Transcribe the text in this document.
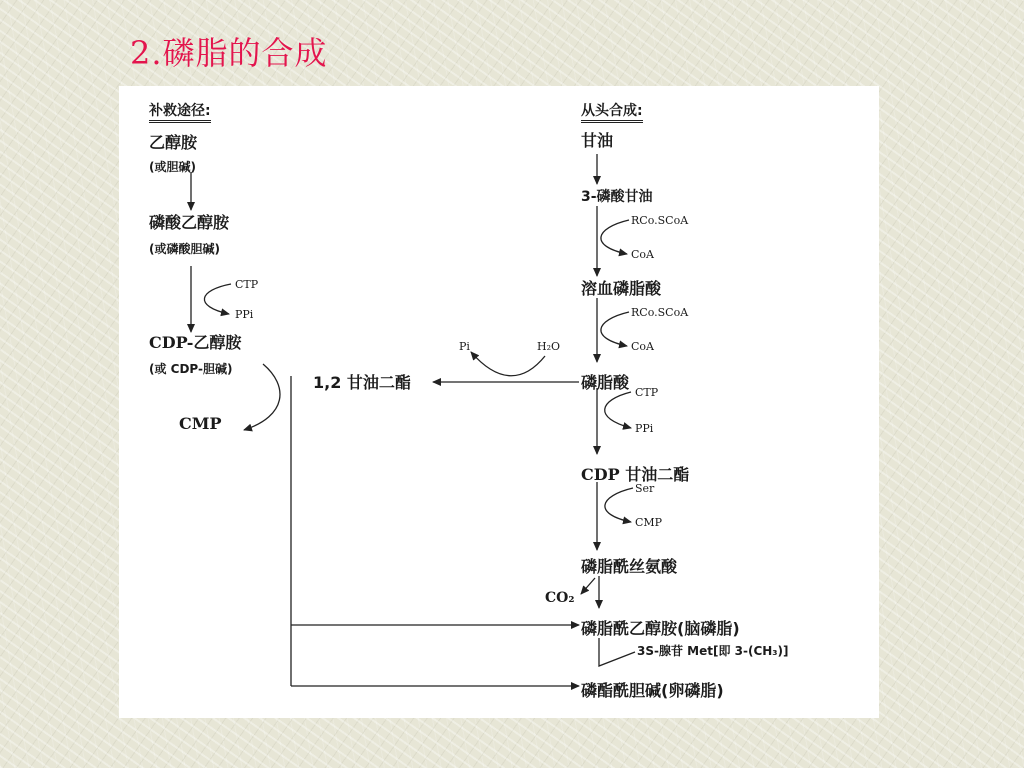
2.磷脂的合成
补救途径:
乙醇胺
(或胆碱)
磷酸乙醇胺
(或磷酸胆碱)
CTP
PPi
CDP-乙醇胺
(或 CDP-胆碱)
CMP
1,2 甘油二酯
Pi	H₂O
从头合成:
甘油
3-磷酸甘油
RCo.SCoA
CoA
溶血磷脂酸
RCo.SCoA
CoA
磷脂酸
CTP
PPi
CDP 甘油二酯
Ser
CMP
磷脂酰丝氨酸
CO₂
磷脂酰乙醇胺(脑磷脂)
3S-腺苷 Met[即 3-(CH₃)]
磷酯酰胆碱(卵磷脂)
